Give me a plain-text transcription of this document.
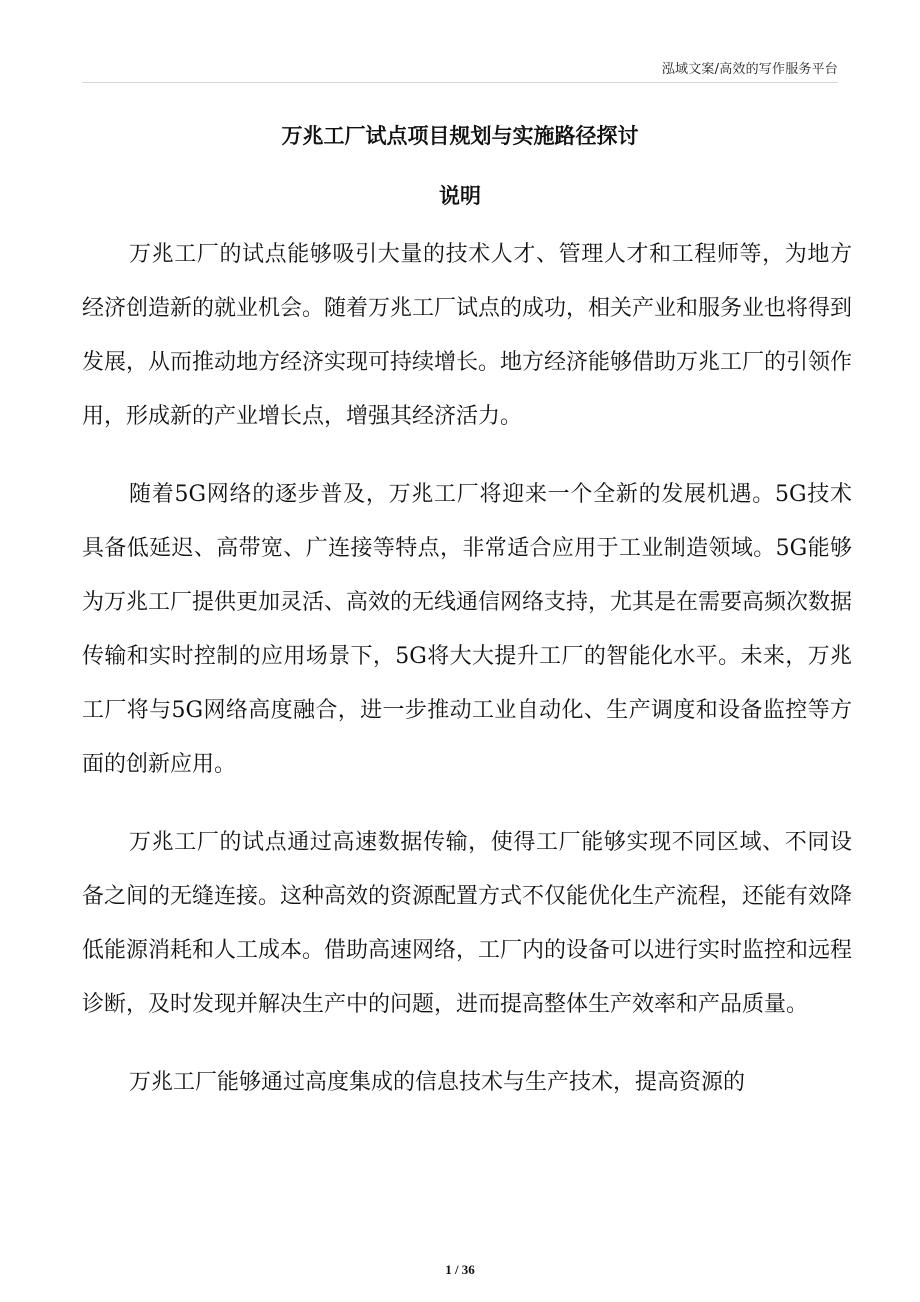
泓域文案/高效的写作服务平台
万兆工厂试点项目规划与实施路径探讨
说明

万兆工厂的试点能够吸引大量的技术人才、管理人才和工程师等，为地方经济创造新的就业机会。随着万兆工厂试点的成功，相关产业和服务业也将得到发展，从而推动地方经济实现可持续增长。地方经济能够借助万兆工厂的引领作用，形成新的产业增长点，增强其经济活力。

随着5G网络的逐步普及，万兆工厂将迎来一个全新的发展机遇。5G技术具备低延迟、高带宽、广连接等特点，非常适合应用于工业制造领域。5G能够为万兆工厂提供更加灵活、高效的无线通信网络支持，尤其是在需要高频次数据传输和实时控制的应用场景下，5G将大大提升工厂的智能化水平。未来，万兆工厂将与5G网络高度融合，进一步推动工业自动化、生产调度和设备监控等方面的创新应用。

万兆工厂的试点通过高速数据传输，使得工厂能够实现不同区域、不同设备之间的无缝连接。这种高效的资源配置方式不仅能优化生产流程，还能有效降低能源消耗和人工成本。借助高速网络，工厂内的设备可以进行实时监控和远程诊断，及时发现并解决生产中的问题，进而提高整体生产效率和产品质量。

万兆工厂能够通过高度集成的信息技术与生产技术，提高资源的

1 / 36
